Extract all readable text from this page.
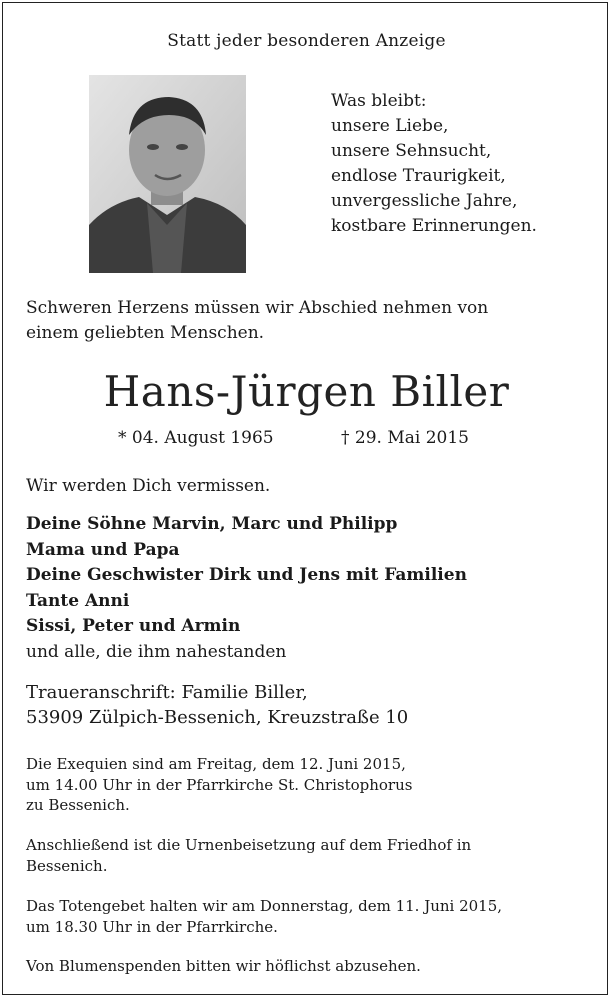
Statt jeder besonderen Anzeige
Was bleibt:
unsere Liebe,
unsere Sehnsucht,
endlose Traurigkeit,
unvergessliche Jahre,
kostbare Erinnerungen.
Schweren Herzens müssen wir Abschied nehmen von
einem geliebten Menschen.
Hans-Jürgen Biller
* 04. August 1965	† 29. Mai 2015
Wir werden Dich vermissen.
Deine Söhne Marvin, Marc und Philipp
Mama und Papa
Deine Geschwister Dirk und Jens mit Familien
Tante Anni
Sissi, Peter und Armin
und alle, die ihm nahestanden
Traueranschrift: Familie Biller,
53909 Zülpich-Bessenich, Kreuzstraße 10
Die Exequien sind am Freitag, dem 12. Juni 2015,
um 14.00 Uhr in der Pfarrkirche St. Christophorus
zu Bessenich.
Anschließend ist die Urnenbeisetzung auf dem Friedhof in
Bessenich.
Das Totengebet halten wir am Donnerstag, dem 11. Juni 2015,
um 18.30 Uhr in der Pfarrkirche.
Von Blumenspenden bitten wir höflichst abzusehen.
